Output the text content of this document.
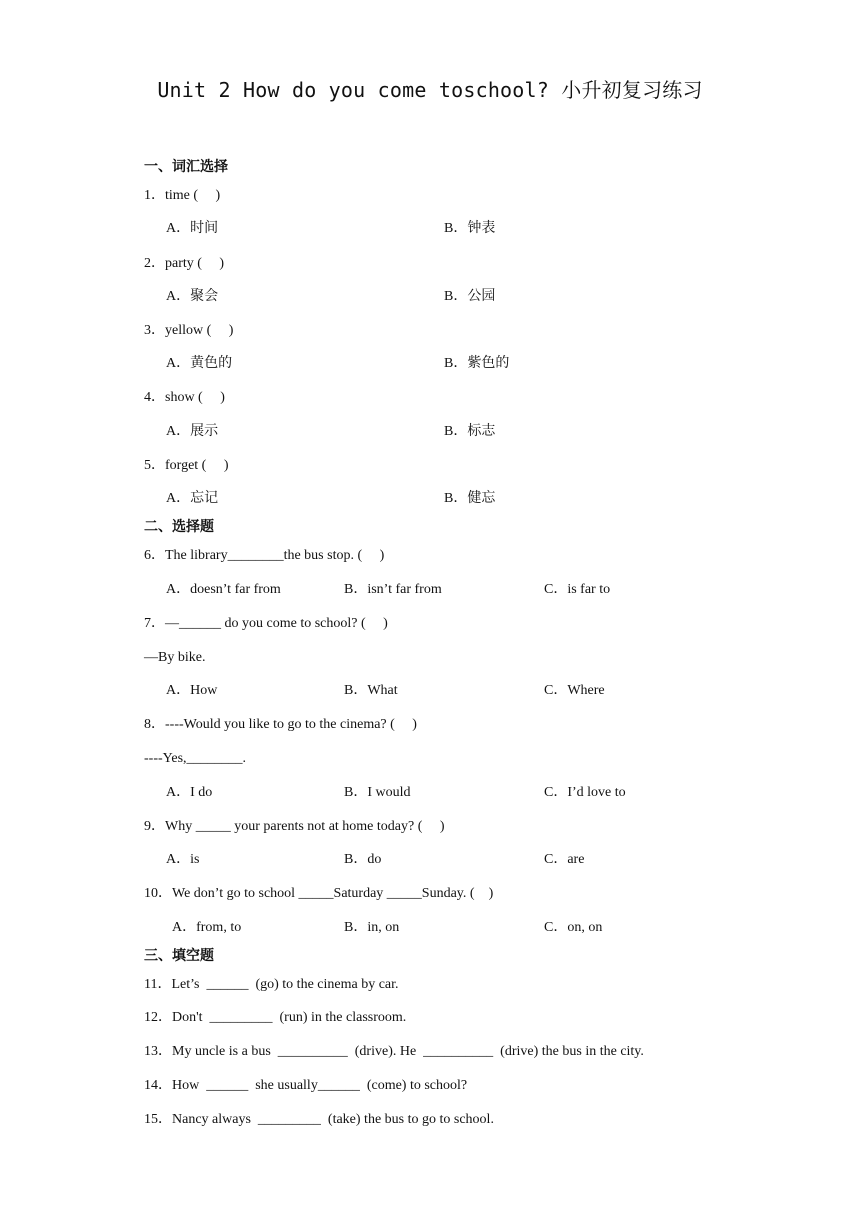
Unit 2 How do you come toschool? 小升初复习练习
一、词汇选择
1．time (     )
A．时间	B．钟表
2．party (     )
A．聚会	B．公园
3．yellow (     )
A．黄色的	B．紫色的
4．show (     )
A．展示	B．标志
5．forget (     )
A．忘记	B．健忘
二、选择题
6．The library________the bus stop. (     )
A．doesn’t far from	B．isn’t far from	C．is far to
7．—______ do you come to school? (     )
—By bike.
A．How	B．What	C．Where
8．----Would you like to go to the cinema? (     )
----Yes,________.
A．I do	B．I would	C．I’d love to
9．Why _____ your parents not at home today? (     )
A．is	B．do	C．are
10．We don’t go to school _____Saturday _____Sunday. (    )
A．from, to	B．in, on	C．on, on
三、填空题
11．Let’s  ______  (go) to the cinema by car.
12．Don't  _________  (run) in the classroom.
13．My uncle is a bus  __________  (drive). He  __________  (drive) the bus in the city.
14．How  ______  she usually______  (come) to school?
15．Nancy always  _________  (take) the bus to go to school.
